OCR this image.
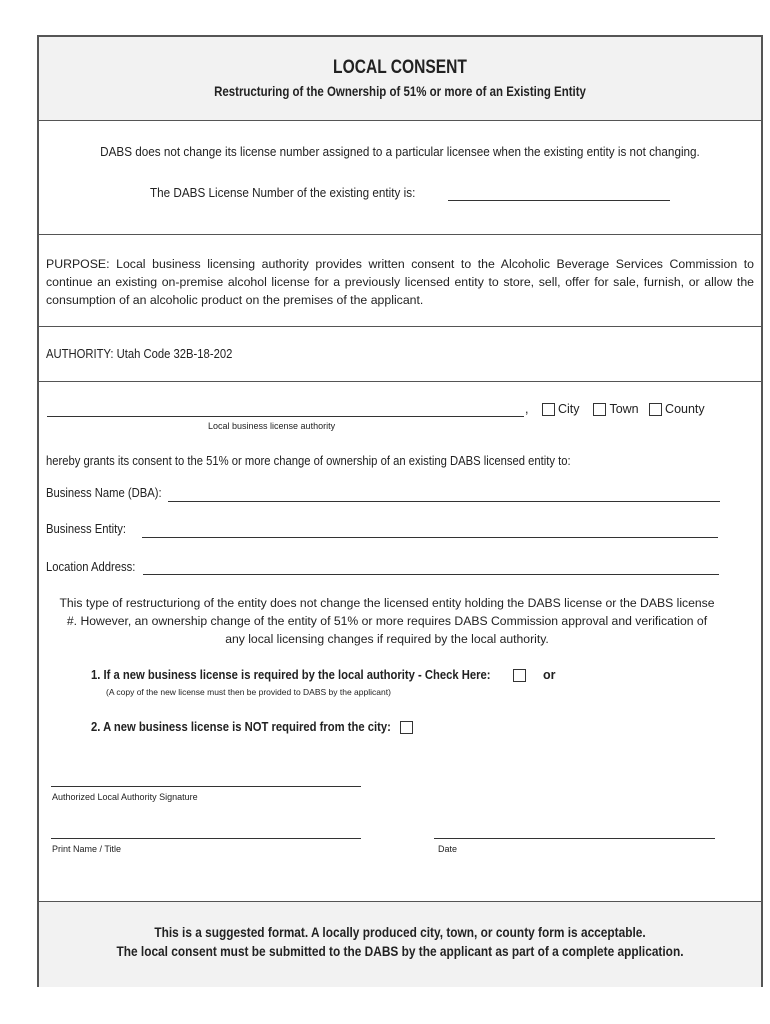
LOCAL CONSENT
Restructuring of the Ownership of 51% or more of an Existing Entity
DABS does not change its license number assigned to a particular licensee when the existing entity is not changing.
The DABS License Number of the existing entity is:
PURPOSE: Local business licensing authority provides written consent to the Alcoholic Beverage Services Commission to continue an existing on-premise alcohol license for a previously licensed entity to store, sell, offer for sale, furnish, or allow the consumption of an alcoholic product on the premises of the applicant.
AUTHORITY: Utah Code 32B-18-202
,	City Town County
Local business license authority
hereby grants its consent to the 51% or more change of ownership of an existing DABS licensed entity to:
Business Name (DBA):
Business Entity:
Location Address:
This type of restructuriong of the entity does not change the licensed entity holding the DABS license or the DABS license #. However, an ownership change of the entity of 51% or more requires DABS Commission approval and verification of any local licensing changes if required by the local authority.
1. If a new business license is required by the local authority - Check Here:	or
(A copy of the new license must then be provided to DABS by the applicant)
2. A new business license is NOT required from the city:
Authorized Local Authority Signature
Print Name / Title	Date
This is a suggested format. A locally produced city, town, or county form is acceptable.
The local consent must be submitted to the DABS by the applicant as part of a complete application.
